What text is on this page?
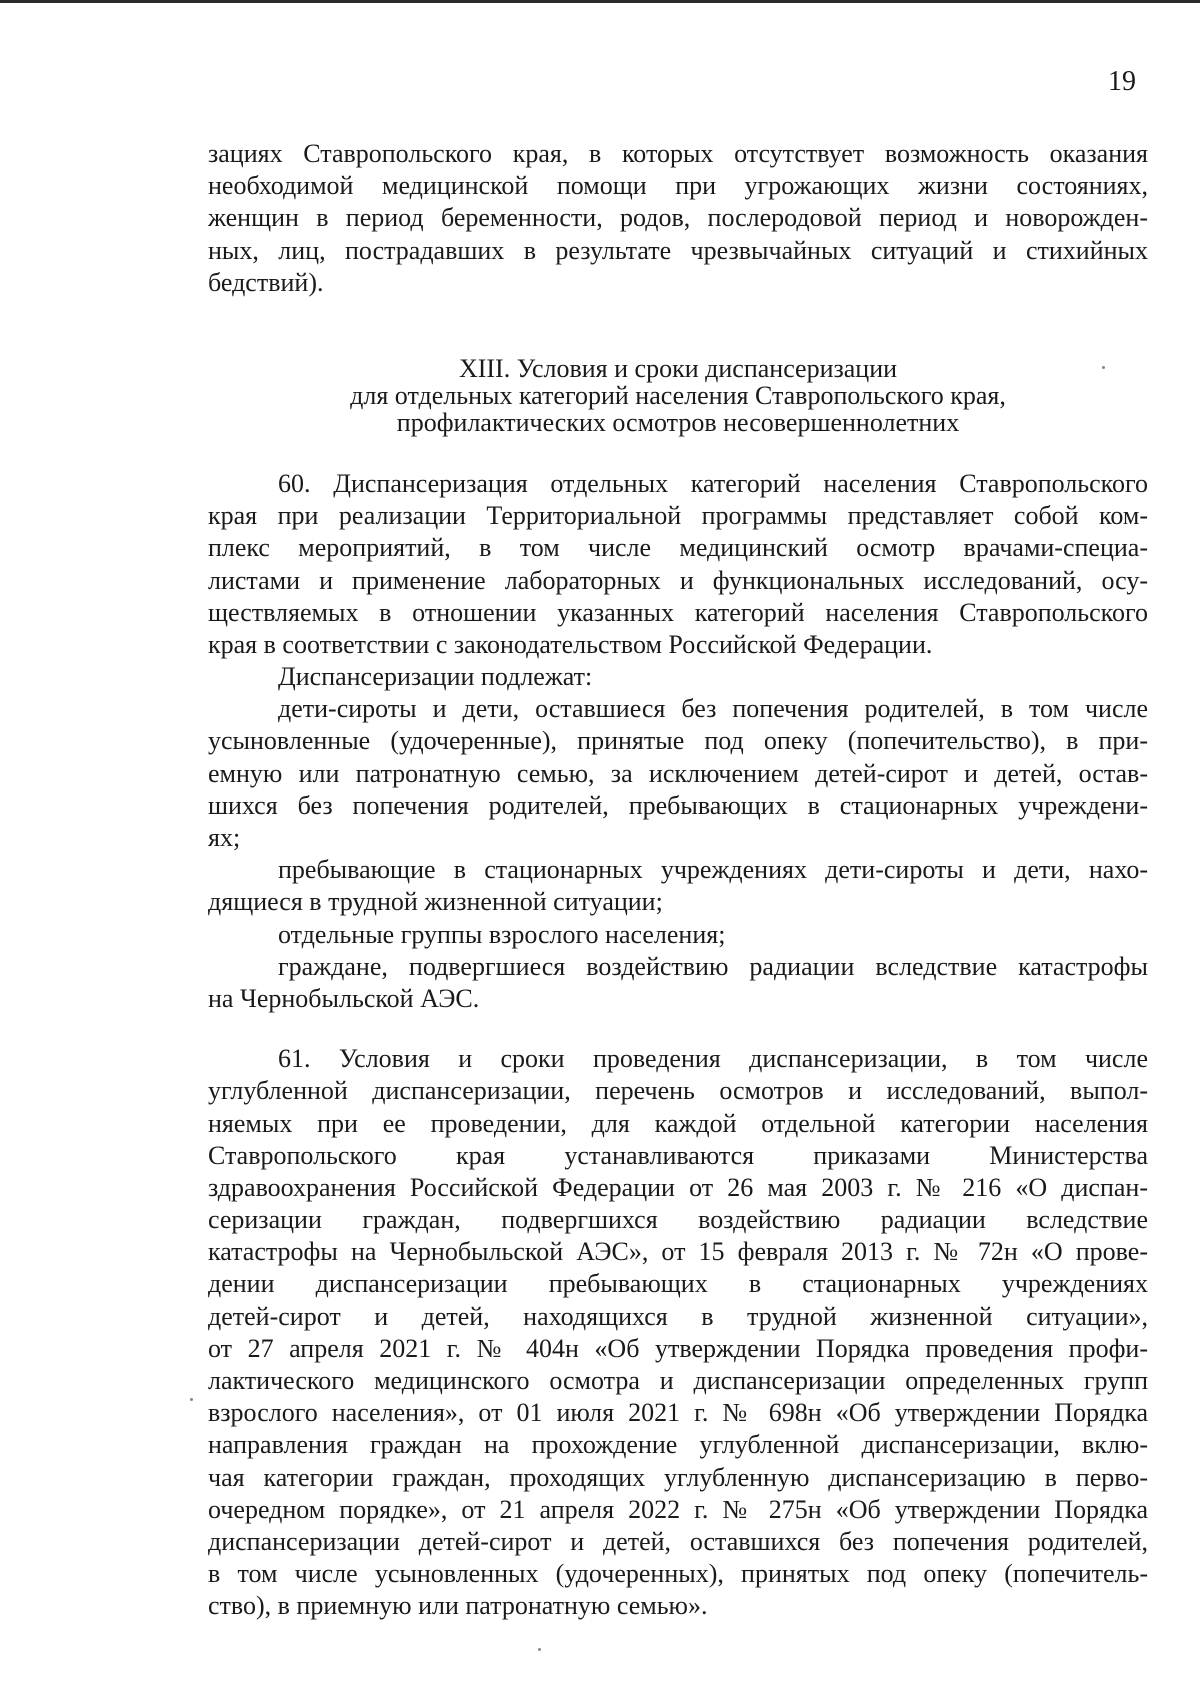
19
зациях Ставропольского края, в которых отсутствует возможность оказания
необходимой медицинской помощи при угрожающих жизни состояниях,
женщин в период беременности, родов, послеродовой период и новорожден-
ных, лиц, пострадавших в результате чрезвычайных ситуаций и стихийных
бедствий).
XIII. Условия и сроки диспансеризации
для отдельных категорий населения Ставропольского края,
профилактических осмотров несовершеннолетних
60. Диспансеризация отдельных категорий населения Ставропольского
края при реализации Территориальной программы представляет собой ком-
плекс мероприятий, в том числе медицинский осмотр врачами-специа-
листами и применение лабораторных и функциональных исследований, осу-
ществляемых в отношении указанных категорий населения Ставропольского
края в соответствии с законодательством Российской Федерации.
Диспансеризации подлежат:
дети-сироты и дети, оставшиеся без попечения родителей, в том числе
усыновленные (удочеренные), принятые под опеку (попечительство), в при-
емную или патронатную семью, за исключением детей-сирот и детей, остав-
шихся без попечения родителей, пребывающих в стационарных учреждени-
ях;
пребывающие в стационарных учреждениях дети-сироты и дети, нахо-
дящиеся в трудной жизненной ситуации;
отдельные группы взрослого населения;
граждане, подвергшиеся воздействию радиации вследствие катастрофы
на Чернобыльской АЭС.
61. Условия и сроки проведения диспансеризации, в том числе
углубленной диспансеризации, перечень осмотров и исследований, выпол-
няемых при ее проведении, для каждой отдельной категории населения
Ставропольского края устанавливаются приказами Министерства
здравоохранения Российской Федерации от 26 мая 2003 г. № 216 «О диспан-
серизации граждан, подвергшихся воздействию радиации вследствие
катастрофы на Чернобыльской АЭС», от 15 февраля 2013 г. № 72н «О прове-
дении диспансеризации пребывающих в стационарных учреждениях
детей-сирот и детей, находящихся в трудной жизненной ситуации»,
от 27 апреля 2021 г. № 404н «Об утверждении Порядка проведения профи-
лактического медицинского осмотра и диспансеризации определенных групп
взрослого населения», от 01 июля 2021 г. № 698н «Об утверждении Порядка
направления граждан на прохождение углубленной диспансеризации, вклю-
чая категории граждан, проходящих углубленную диспансеризацию в перво-
очередном порядке», от 21 апреля 2022 г. № 275н «Об утверждении Порядка
диспансеризации детей-сирот и детей, оставшихся без попечения родителей,
в том числе усыновленных (удочеренных), принятых под опеку (попечитель-
ство), в приемную или патронатную семью».
